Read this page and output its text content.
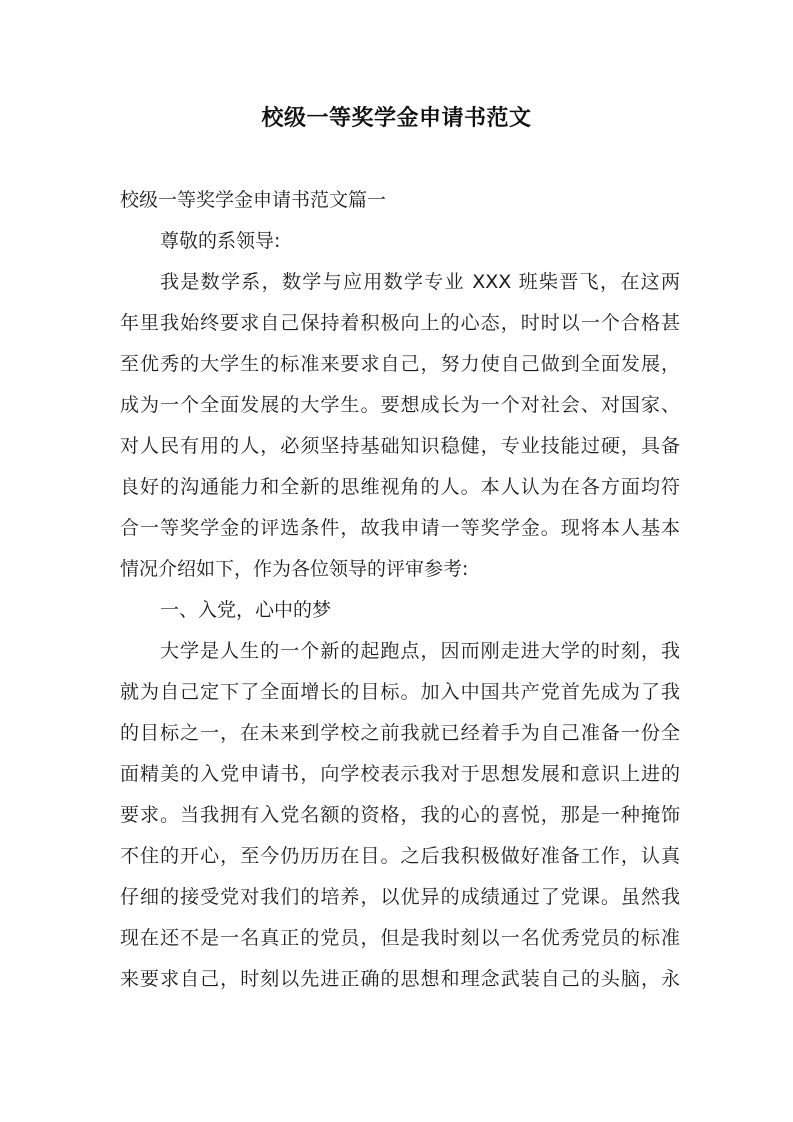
校级一等奖学金申请书范文
校级一等奖学金申请书范文篇一
尊敬的系领导:
我是数学系，数学与应用数学专业 XXX 班柴晋飞，在这两
年里我始终要求自己保持着积极向上的心态，时时以一个合格甚
至优秀的大学生的标准来要求自己，努力使自己做到全面发展，
成为一个全面发展的大学生。要想成长为一个对社会、对国家、
对人民有用的人，必须坚持基础知识稳健，专业技能过硬，具备
良好的沟通能力和全新的思维视角的人。本人认为在各方面均符
合一等奖学金的评选条件，故我申请一等奖学金。现将本人基本
情况介绍如下，作为各位领导的评审参考:
一、入党，心中的梦
大学是人生的一个新的起跑点，因而刚走进大学的时刻，我
就为自己定下了全面增长的目标。加入中国共产党首先成为了我
的目标之一，在未来到学校之前我就已经着手为自己准备一份全
面精美的入党申请书，向学校表示我对于思想发展和意识上进的
要求。当我拥有入党名额的资格，我的心的喜悦，那是一种掩饰
不住的开心，至今仍历历在目。之后我积极做好准备工作，认真
仔细的接受党对我们的培养，以优异的成绩通过了党课。虽然我
现在还不是一名真正的党员，但是我时刻以一名优秀党员的标准
来要求自己，时刻以先进正确的思想和理念武装自己的头脑，永
